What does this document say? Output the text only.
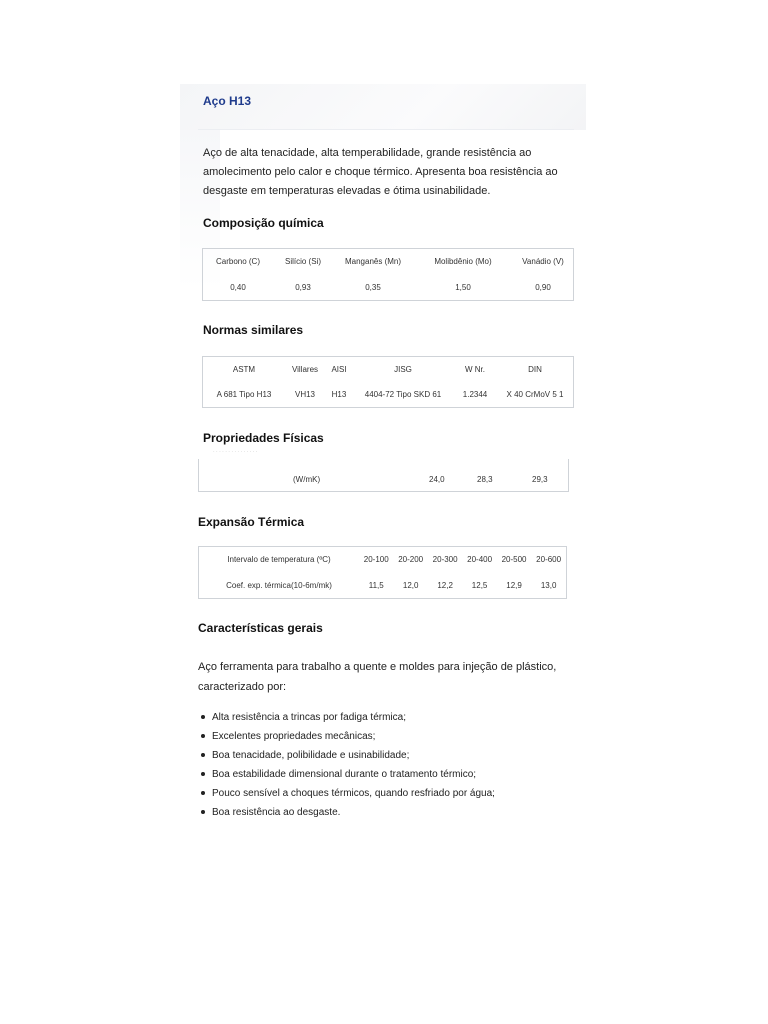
Aço H13
Aço de alta tenacidade, alta temperabilidade, grande resistência ao amolecimento pelo calor e choque térmico. Apresenta boa resistência ao desgaste em temperaturas elevadas e ótima usinabilidade.
Composição química
Carbono (C)	Silício (Si)	Manganês (Mn)	Molibdênio (Mo)	Vanádio (V)
0,40	0,93	0,35	1,50	0,90
Normas similares
ASTM	Villares	AISI	JISG	W Nr.	DIN
A 681 Tipo H13	VH13	H13	4404-72 Tipo SKD 61	1.2344	X 40 CrMoV 5 1
Propriedades Físicas
· · · · · · · · · · · · · · ·
(W/mK)	24,0	28,3	29,3
Expansão Térmica
Intervalo de temperatura (ºC)	20-100	20-200	20-300	20-400	20-500	20-600
Coef. exp. térmica(10-6m/mk)	11,5	12,0	12,2	12,5	12,9	13,0
Características gerais
Aço ferramenta para trabalho a quente e moldes para injeção de plástico, caracterizado por:
Alta resistência a trincas por fadiga térmica;
Excelentes propriedades mecânicas;
Boa tenacidade, polibilidade e usinabilidade;
Boa estabilidade dimensional durante o tratamento térmico;
Pouco sensível a choques térmicos, quando resfriado por água;
Boa resistência ao desgaste.
